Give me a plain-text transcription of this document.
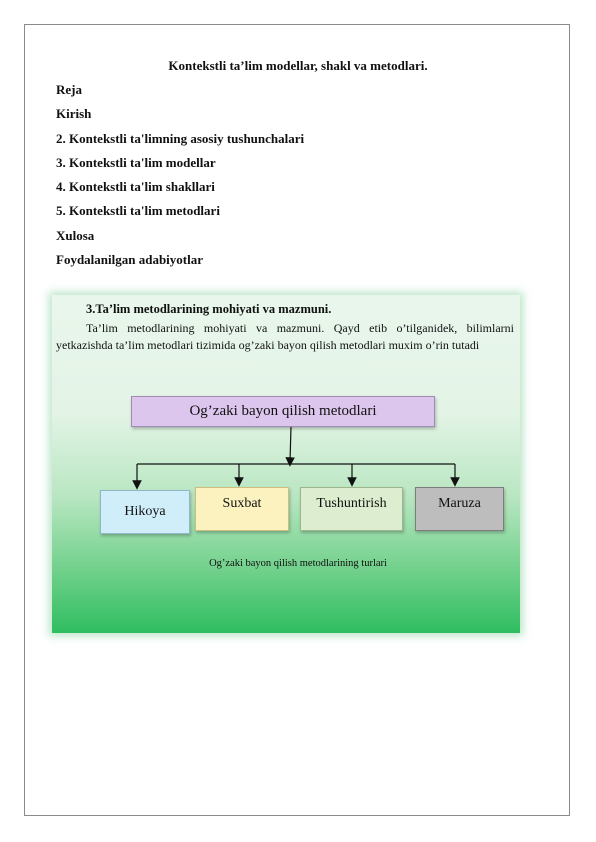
Kontekstli ta’lim modellar, shakl va metodlari.
Reja
Kirish
2. Kontekstli ta'limning asosiy tushunchalari
3. Kontekstli ta'lim modellar
4. Kontekstli ta'lim shakllari
5. Kontekstli ta'lim metodlari
Xulosa
Foydalanilgan adabiyotlar
3.Ta’lim metodlarining mohiyati va mazmuni.

Ta’lim metodlarining mohiyati va mazmuni. Qayd etib o’tilganidek, bilimlarni yetkazishda ta’lim metodlari tizimida og’zaki bayon qilish metodlari muxim o’rin tutadi

Og’zaki bayon qilish metodlari
Hikoya
Suxbat	Tushuntirish	Maruza
Og’zaki bayon qilish metodlarining turlari
